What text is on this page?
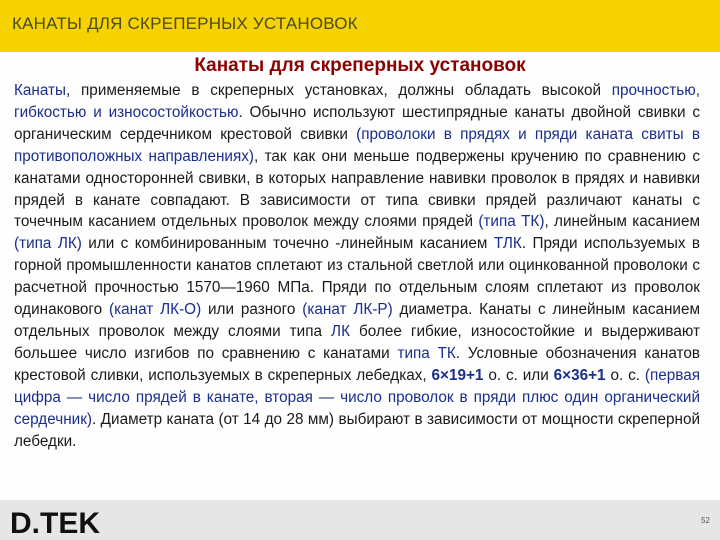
КАНАТЫ ДЛЯ СКРЕПЕРНЫХ УСТАНОВОК
Канаты для скреперных установок
Канаты, применяемые в скреперных установках, должны обладать высокой прочностью, гибкостью и износостойкостью. Обычно используют шестипрядные канаты двойной свивки с органическим сердечником крестовой свивки (проволоки в прядях и пряди каната свиты в противоположных направлениях), так как они меньше подвержены кручению по сравнению с канатами односторонней свивки, в которых направление навивки проволок в прядях и навивки прядей в канате совпадают. В зависимости от типа свивки прядей различают канаты с точечным касанием отдельных проволок между слоями прядей (типа ТК), линейным касанием (типа ЛК) или с комбинированным точечно -линейным касанием ТЛК. Пряди используемых в горной промышленности канатов сплетают из стальной светлой или оцинкованной проволоки с расчетной прочностью 1570—1960 МПа. Пряди по отдельным слоям сплетают из проволок одинакового (канат ЛК-О) или разного (канат ЛК-Р) диаметра. Канаты с линейным касанием отдельных проволок между слоями типа ЛК более гибкие, износостойкие и выдерживают большее число изгибов по сравнению с канатами типа ТК. Условные обозначения канатов крестовой сливки, используемых в скреперных лебедках, 6×19+1 о. с. или 6×36+1 о. с. (первая цифра — число прядей в канате, вторая — число проволок в пряди плюс один органический сердечник). Диаметр каната (от 14 до 28 мм) выбирают в зависимости от мощности скреперной лебедки.
D.TEK	52
